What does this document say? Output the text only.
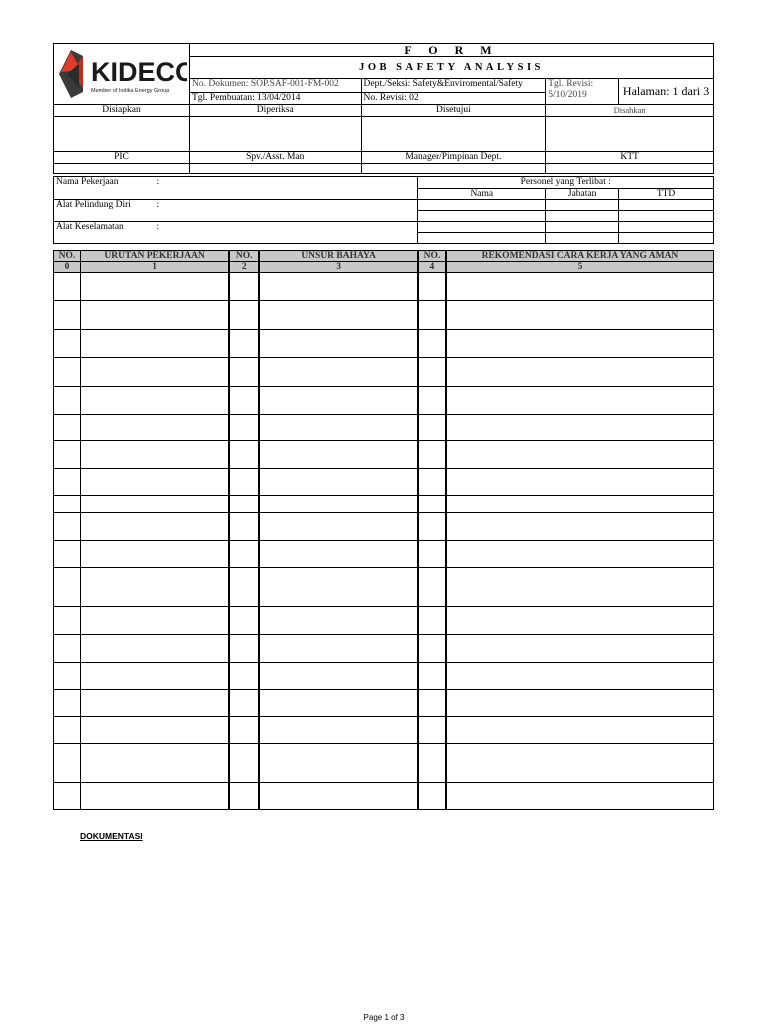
KIDECO
Member of Indika Energy Group	F O R M			
	JOB SAFETY ANALYSIS			
	No. Dokumen: SOP.SAF-001-FM-002	Dept./Seksi: Safety&Enviromental/Safety	Tgl. Revisi:
5/10/2019	Halaman: 1 dari 3
	Tgl. Pembuatan: 13/04/2014	No. Revisi: 02		
Disiapkan	Diperiksa	Disetujui	Disahkan	

PIC	Spv./Asst. Man	Manager/Pimpinan Dept.	KTT	

Nama Pekerjaan :	Personel yang Terlibat :		
	Nama	Jabatan	TTD
Alat Pelindung Diri :			

Alat Keselamatan :			

NO.	URUTAN PEKERJAAN	NO.	UNSUR BAHAYA	NO.	REKOMENDASI CARA KERJA YANG AMAN
0	1	2	3	4	5

DOKUMENTASI
Page 1 of 3
